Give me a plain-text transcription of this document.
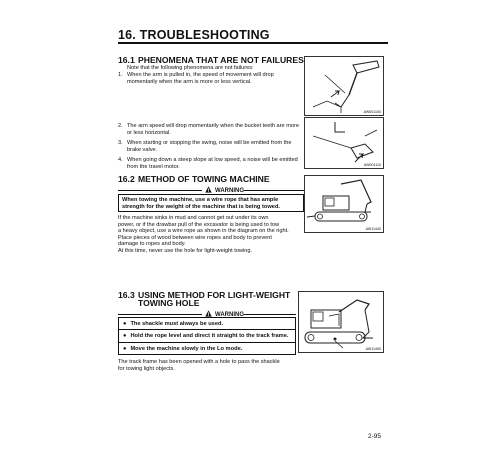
16. TROUBLESHOOTING
16.1 PHENOMENA THAT ARE NOT FAILURES
Note that the following phenomena are not failures:
1. When the arm is pulled in, the speed of movement will drop momentarily when the arm is more or less vertical.
2. The arm speed will drop momentarily when the bucket teeth are more or less horizontal.
3. When starting or stopping the swing, noise will be emitted from the brake valve.
4. When going down a steep slope at low speed, a noise will be emitted from the travel motor.
AW001150
AW001110
16.2 METHOD OF TOWING MACHINE
WARNING
When towing the machine, use a wire rope that has ample strength for the weight of the machine that is being towed.
If the machine sinks in mud and cannot get out under its own
power, or if the drawbar pull of the excavator is being used to tow
a heavy object, use a wire rope as shown in the diagram on the right.
Place pieces of wood between wire ropes and body to prevent
damage to ropes and body.
At this time, never use the hole for light-weight towing.
AW11440
16.3 USING METHOD FOR LIGHT-WEIGHT
TOWING HOLE
WARNING
● The shackle must always be used.
● Hold the rope level and direct it straight to the track frame.
● Move the machine slowly in the Lo mode.
The track frame has been opened with a hole to pass the shackle
for towing light objects.
AW11450
2-95
